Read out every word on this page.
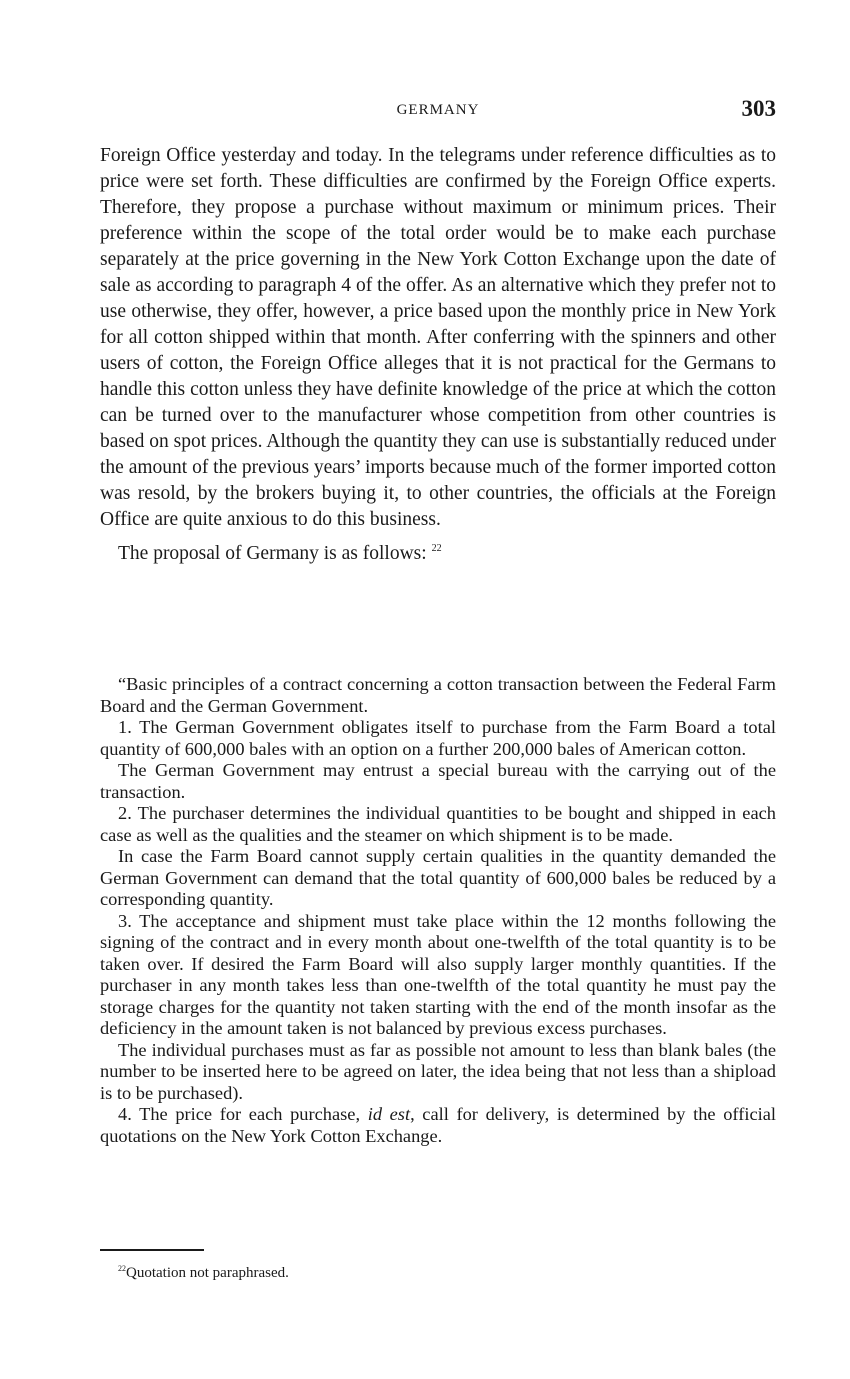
GERMANY	303

Foreign Office yesterday and today. In the telegrams under reference difficulties as to price were set forth. These difficulties are confirmed by the Foreign Office experts. Therefore, they propose a purchase without maximum or minimum prices. Their preference within the scope of the total order would be to make each purchase separately at the price governing in the New York Cotton Exchange upon the date of sale as according to paragraph 4 of the offer. As an alternative which they prefer not to use otherwise, they offer, however, a price based upon the monthly price in New York for all cotton shipped within that month. After conferring with the spinners and other users of cotton, the Foreign Office alleges that it is not practical for the Germans to handle this cotton unless they have definite knowledge of the price at which the cotton can be turned over to the manufacturer whose competition from other countries is based on spot prices. Although the quantity they can use is substantially reduced under the amount of the previous years’ imports because much of the former imported cotton was resold, by the brokers buying it, to other countries, the officials at the Foreign Office are quite anxious to do this business.

The proposal of Germany is as follows: $^{22}$

“Basic principles of a contract concerning a cotton transaction between the Federal Farm Board and the German Government.

1. The German Government obligates itself to purchase from the Farm Board a total quantity of 600,000 bales with an option on a further 200,000 bales of American cotton.

The German Government may entrust a special bureau with the carrying out of the transaction.

2. The purchaser determines the individual quantities to be bought and shipped in each case as well as the qualities and the steamer on which shipment is to be made.

In case the Farm Board cannot supply certain qualities in the quantity demanded the German Government can demand that the total quantity of 600,000 bales be reduced by a corresponding quantity.

3. The acceptance and shipment must take place within the 12 months following the signing of the contract and in every month about one-twelfth of the total quantity is to be taken over. If desired the Farm Board will also supply larger monthly quantities. If the purchaser in any month takes less than one-twelfth of the total quantity he must pay the storage charges for the quantity not taken starting with the end of the month insofar as the deficiency in the amount taken is not balanced by previous excess purchases.

The individual purchases must as far as possible not amount to less than blank bales (the number to be inserted here to be agreed on later, the idea being that not less than a shipload is to be purchased).

4. The price for each purchase, id est, call for delivery, is determined by the official quotations on the New York Cotton Exchange.

$^{22}$Quotation not paraphrased.
